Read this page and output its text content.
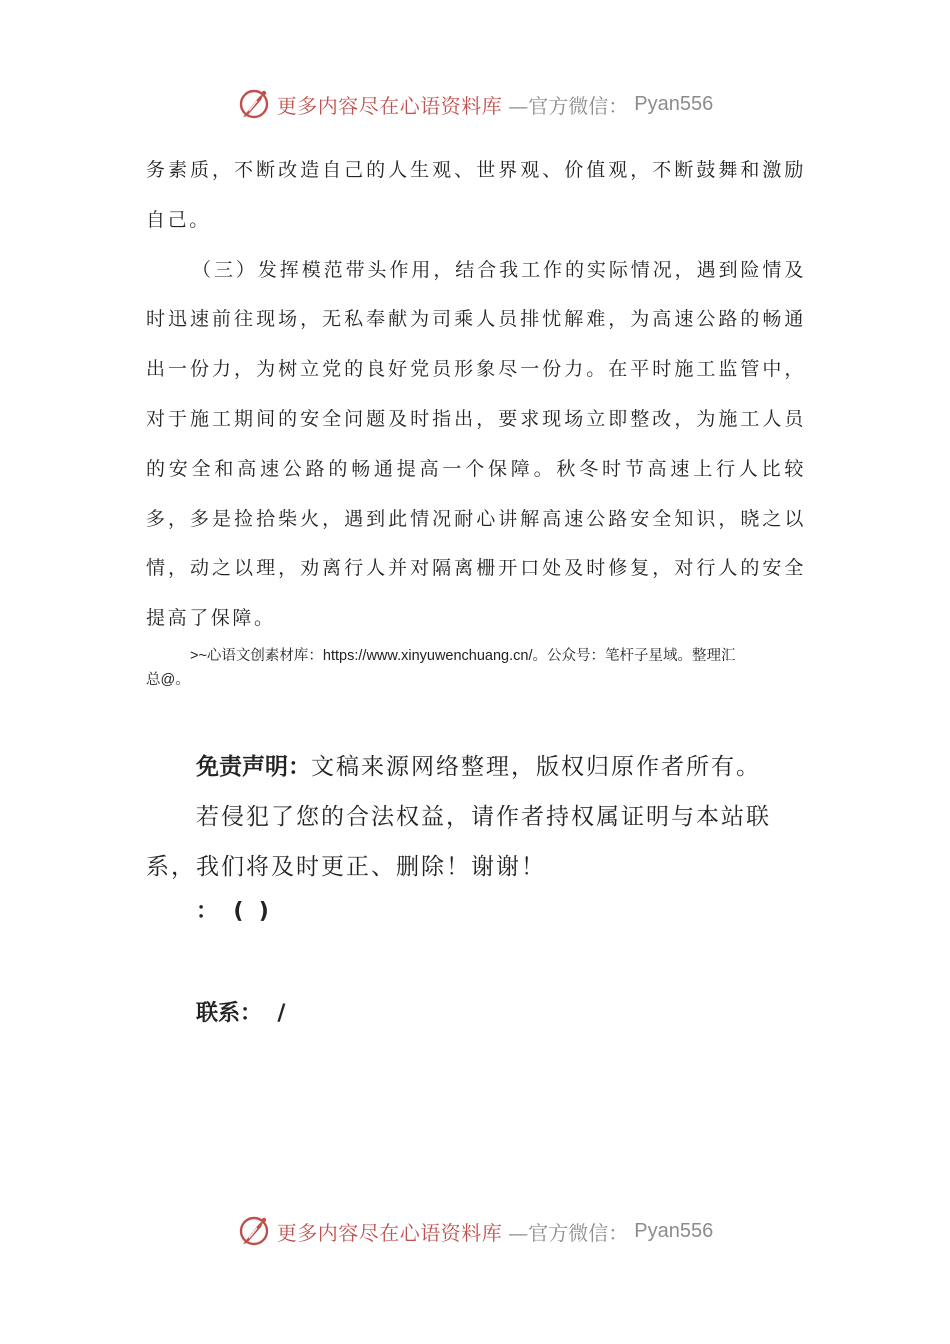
更多内容尽在心语资料库 —官方微信： Pyan556

务素质，不断改造自己的人生观、世界观、价值观，不断鼓舞和激励自己。

（三）发挥模范带头作用，结合我工作的实际情况，遇到险情及时迅速前往现场，无私奉献为司乘人员排忧解难，为高速公路的畅通出一份力，为树立党的良好党员形象尽一份力。在平时施工监管中，对于施工期间的安全问题及时指出，要求现场立即整改，为施工人员的安全和高速公路的畅通提高一个保障。秋冬时节高速上行人比较多，多是捡拾柴火，遇到此情况耐心讲解高速公路安全知识，晓之以情，动之以理，劝离行人并对隔离栅开口处及时修复，对行人的安全提高了保障。

>~心语文创素材库：https://www.xinyuwenchuang.cn/。公众号：笔杆子星域。整理汇
总@。

免责声明：文稿来源网络整理，版权归原作者所有。

若侵犯了您的合法权益，请作者持权属证明与本站联系，我们将及时更正、删除！谢谢！

：  (  )
联系：  /
更多内容尽在心语资料库 —官方微信： Pyan556
